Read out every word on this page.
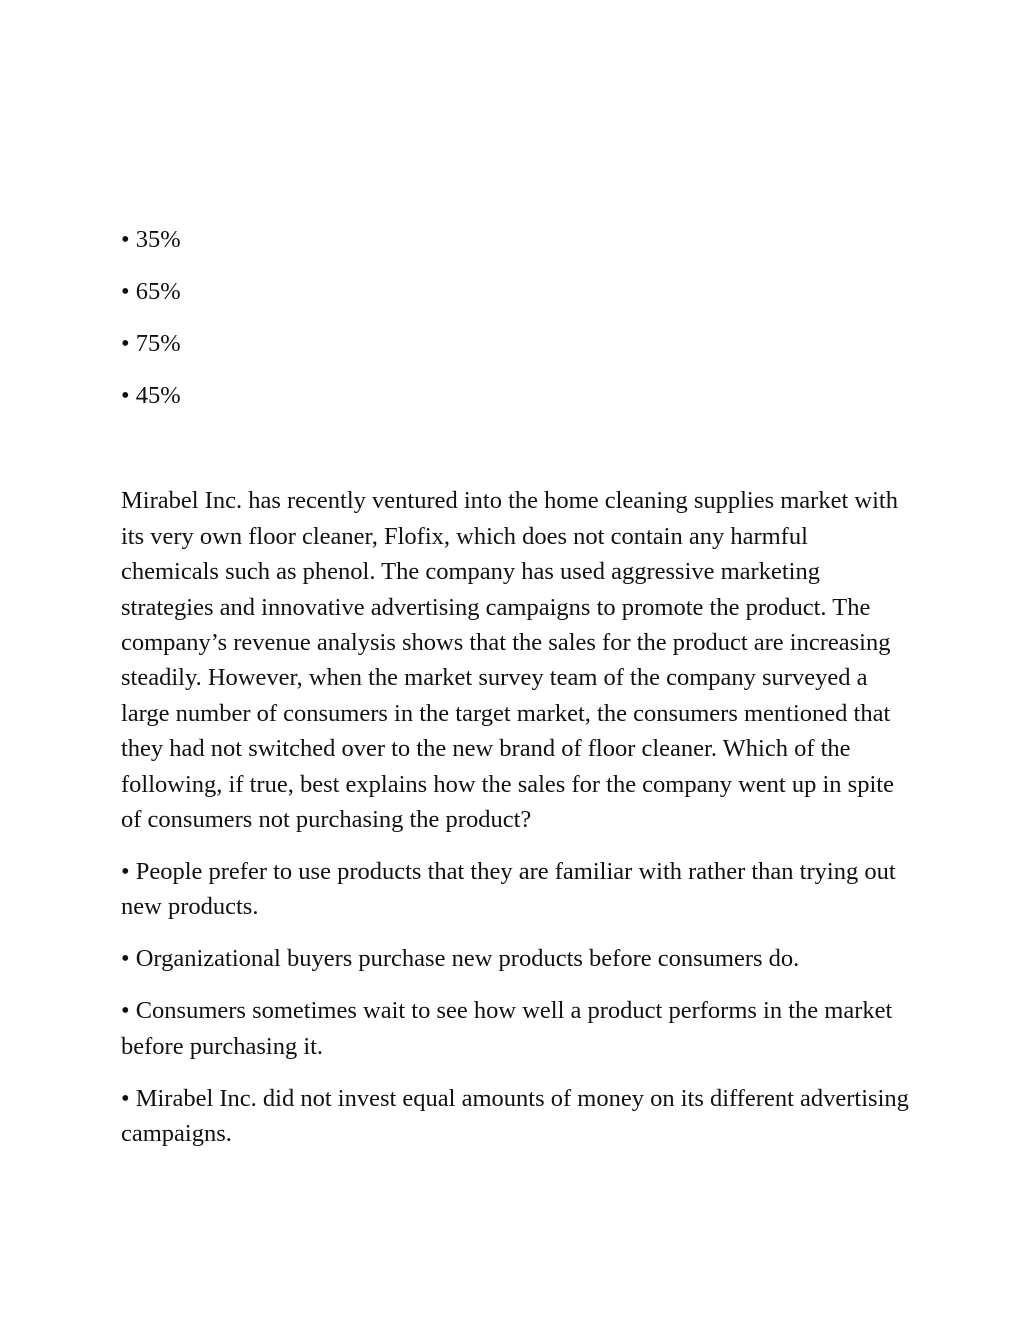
• 35%

• 65%

• 75%

• 45%

Mirabel Inc. has recently ventured into the home cleaning supplies market with its very own floor cleaner, Flofix, which does not contain any harmful chemicals such as phenol. The company has used aggressive marketing strategies and innovative advertising campaigns to promote the product. The company’s revenue analysis shows that the sales for the product are increasing steadily. However, when the market survey team of the company surveyed a large number of consumers in the target market, the consumers mentioned that they had not switched over to the new brand of floor cleaner. Which of the following, if true, best explains how the sales for the company went up in spite of consumers not purchasing the product?

• People prefer to use products that they are familiar with rather than trying out new products.

• Organizational buyers purchase new products before consumers do.

• Consumers sometimes wait to see how well a product performs in the market before purchasing it.

• Mirabel Inc. did not invest equal amounts of money on its different advertising campaigns.
